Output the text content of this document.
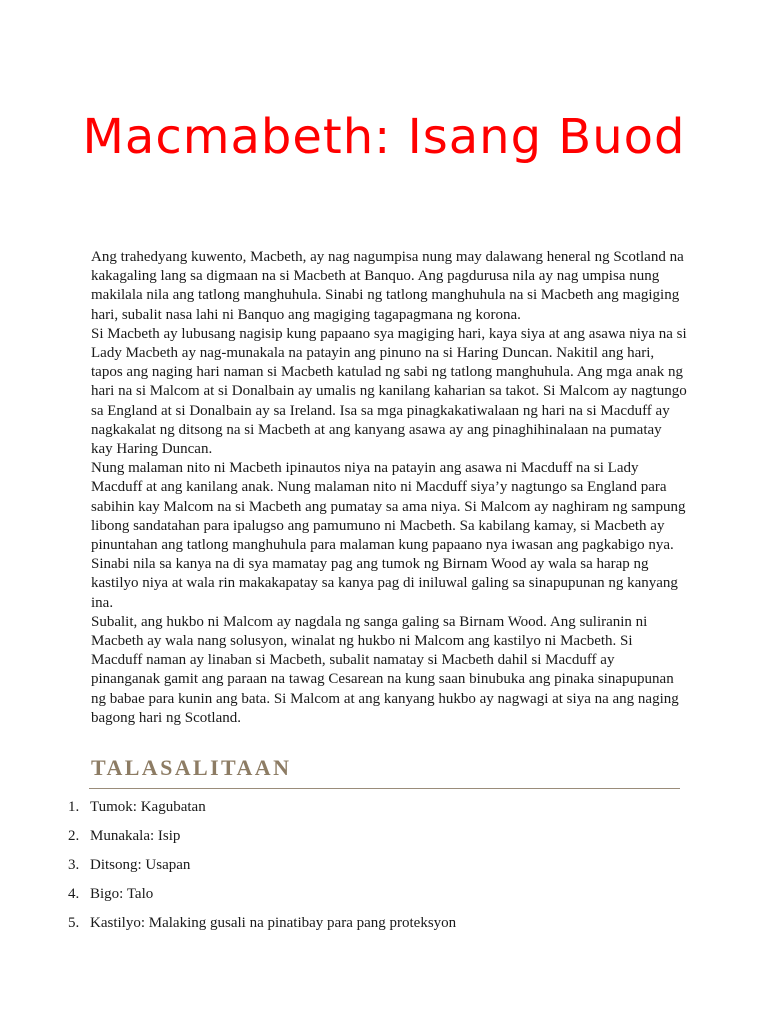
Macmabeth: Isang Buod

Ang trahedyang kuwento, Macbeth, ay nag nagumpisa nung may dalawang heneral ng Scotland na kakagaling lang sa digmaan na si Macbeth at Banquo. Ang pagdurusa nila ay nag umpisa nung makilala nila ang tatlong manghuhula. Sinabi ng tatlong manghuhula na si Macbeth ang magiging hari, subalit nasa lahi ni Banquo ang magiging tagapagmana ng korona.

Si Macbeth ay lubusang nagisip kung papaano sya magiging hari, kaya siya at ang asawa niya na si Lady Macbeth ay nag-munakala na patayin ang pinuno na si Haring Duncan. Nakitil ang hari, tapos ang naging hari naman si Macbeth katulad ng sabi ng tatlong manghuhula. Ang mga anak ng hari na si Malcom at si Donalbain ay umalis ng kanilang kaharian sa takot. Si Malcom ay nagtungo sa England at si Donalbain ay sa Ireland. Isa sa mga pinagkakatiwalaan ng hari na si Macduff ay nagkakalat ng ditsong na si Macbeth at ang kanyang asawa ay ang pinaghihinalaan na pumatay kay Haring Duncan.

Nung malaman nito ni Macbeth ipinautos niya na patayin ang asawa ni Macduff na si Lady Macduff at ang kanilang anak. Nung malaman nito ni Macduff siya’y nagtungo sa England para sabihin kay Malcom na si Macbeth ang pumatay sa ama niya. Si Malcom ay naghiram ng sampung libong sandatahan para ipalugso ang pamumuno ni Macbeth. Sa kabilang kamay, si Macbeth ay pinuntahan ang tatlong manghuhula para malaman kung papaano nya iwasan ang pagkabigo nya. Sinabi nila sa kanya na di sya mamatay pag ang tumok ng Birnam Wood ay wala sa harap ng kastilyo niya at wala rin makakapatay sa kanya pag di iniluwal galing sa sinapupunan ng kanyang ina.

Subalit, ang hukbo ni Malcom ay nagdala ng sanga galing sa Birnam Wood. Ang suliranin ni Macbeth ay wala nang solusyon, winalat ng hukbo ni Malcom ang kastilyo ni Macbeth. Si Macduff naman ay linaban si Macbeth, subalit namatay si Macbeth dahil si Macduff ay pinanganak gamit ang paraan na tawag Cesarean na kung saan binubuka ang pinaka sinapupunan ng babae para kunin ang bata. Si Malcom at ang kanyang hukbo ay nagwagi at siya na ang naging bagong hari ng Scotland.

TALASALITAAN
1. Tumok: Kagubatan
2. Munakala: Isip
3. Ditsong: Usapan
4. Bigo: Talo
5. Kastilyo: Malaking gusali na pinatibay para pang proteksyon
